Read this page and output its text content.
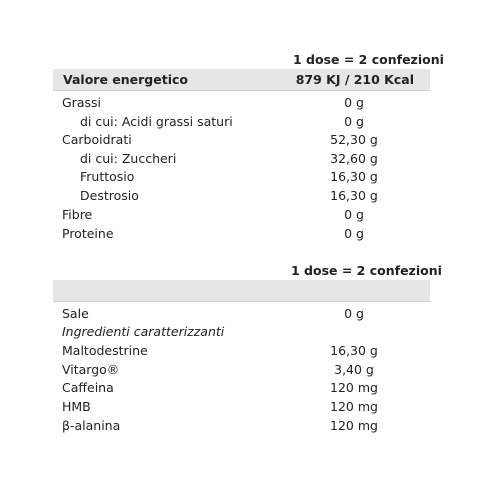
1 dose = 2 confezioni
Valore energetico	879 KJ / 210 Kcal
Grassi	0 g
di cui: Acidi grassi saturi	0 g
Carboidrati	52,30 g
di cui: Zuccheri	32,60 g
Fruttosio	16,30 g
Destrosio	16,30 g
Fibre	0 g
Proteine	0 g
1 dose = 2 confezioni
Sale	0 g
Ingredienti caratterizzanti
Maltodestrine	16,30 g
Vitargo®	3,40 g
Caffeina	120 mg
HMB	120 mg
β-alanina	120 mg
